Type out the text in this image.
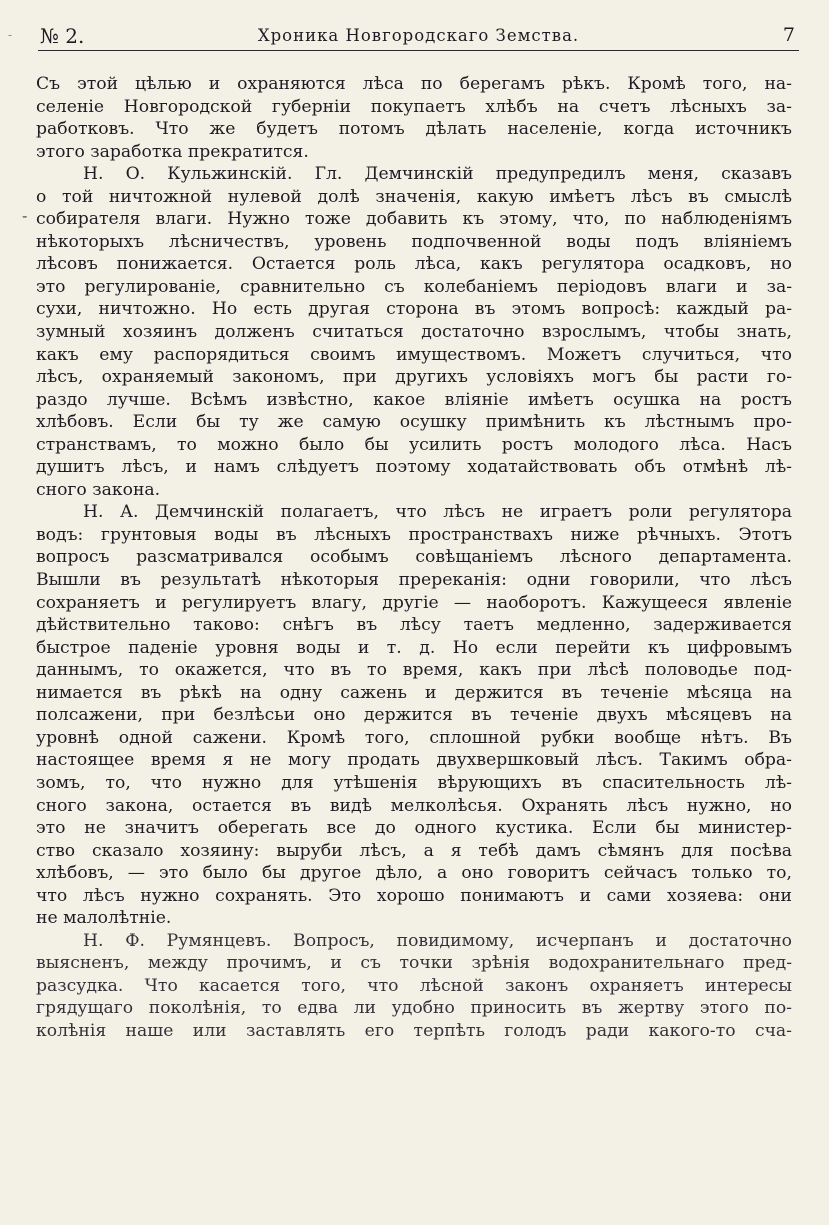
- № 2.	Хроника Новгородскаго Земства.	7
-
Съ этой цѣлью и охраняются лѣса по берегамъ рѣкъ. Кромѣ того, на-
селеніе Новгородской губерніи покупаетъ хлѣбъ на счетъ лѣсныхъ за-
работковъ. Что же будетъ потомъ дѣлать населеніе, когда источникъ
этого заработка прекратится.
Н. О. Кульжинскій. Гл. Демчинскій предупредилъ меня, сказавъ
о той ничтожной нулевой долѣ значенія, какую имѣетъ лѣсъ въ смыслѣ
собирателя влаги. Нужно тоже добавить къ этому, что, по наблюденіямъ
нѣкоторыхъ лѣсничествъ, уровень подпочвенной воды подъ вліяніемъ
лѣсовъ понижается. Остается роль лѣса, какъ регулятора осадковъ, но
это регулированіе, сравнительно съ колебаніемъ періодовъ влаги и за-
сухи, ничтожно. Но есть другая сторона въ этомъ вопросѣ: каждый ра-
зумный хозяинъ долженъ считаться достаточно взрослымъ, чтобы знать,
какъ ему распорядиться своимъ имуществомъ. Можетъ случиться, что
лѣсъ, охраняемый закономъ, при другихъ условіяхъ могъ бы расти го-
раздо лучше. Всѣмъ извѣстно, какое вліяніе имѣетъ осушка на ростъ
хлѣбовъ. Если бы ту же самую осушку примѣнить къ лѣстнымъ про-
странствамъ, то можно было бы усилить ростъ молодого лѣса. Насъ
душитъ лѣсъ, и намъ слѣдуетъ поэтому ходатайствовать объ отмѣнѣ лѣ-
сного закона.
Н. А. Демчинскій полагаетъ, что лѣсъ не играетъ роли регулятора
водъ: грунтовыя воды въ лѣсныхъ пространствахъ ниже рѣчныхъ. Этотъ
вопросъ разсматривался особымъ совѣщаніемъ лѣсного департамента.
Вышли въ результатѣ нѣкоторыя пререканія: одни говорили, что лѣсъ
сохраняетъ и регулируетъ влагу, другіе — наоборотъ. Кажущееся явленіе
дѣйствительно таково: снѣгъ въ лѣсу таетъ медленно, задерживается
быстрое паденіе уровня воды и т. д. Но если перейти къ цифровымъ
даннымъ, то окажется, что въ то время, какъ при лѣсѣ половодье под-
нимается въ рѣкѣ на одну сажень и держится въ теченіе мѣсяца на
полсажени, при безлѣсьи оно держится въ теченіе двухъ мѣсяцевъ на
уровнѣ одной сажени. Кромѣ того, сплошной рубки вообще нѣтъ. Въ
настоящее время я не могу продать двухвершковый лѣсъ. Такимъ обра-
зомъ, то, что нужно для утѣшенія вѣрующихъ въ спасительность лѣ-
сного закона, остается въ видѣ мелколѣсья. Охранять лѣсъ нужно, но
это не значитъ оберегать все до одного кустика. Если бы министер-
ство сказало хозяину: выруби лѣсъ, а я тебѣ дамъ сѣмянъ для посѣва
хлѣбовъ, — это было бы другое дѣло, а оно говоритъ сейчасъ только то,
что лѣсъ нужно сохранять. Это хорошо понимаютъ и сами хозяева: они
не малолѣтніе.
Н. Ф. Румянцевъ. Вопросъ, повидимому, исчерпанъ и достаточно
выясненъ, между прочимъ, и съ точки зрѣнія водохранительнаго пред-
разсудка. Что касается того, что лѣсной законъ охраняетъ интересы
грядущаго поколѣнія, то едва ли удобно приносить въ жертву этого по-
колѣнія наше или заставлять его терпѣть голодъ ради какого-то сча-
